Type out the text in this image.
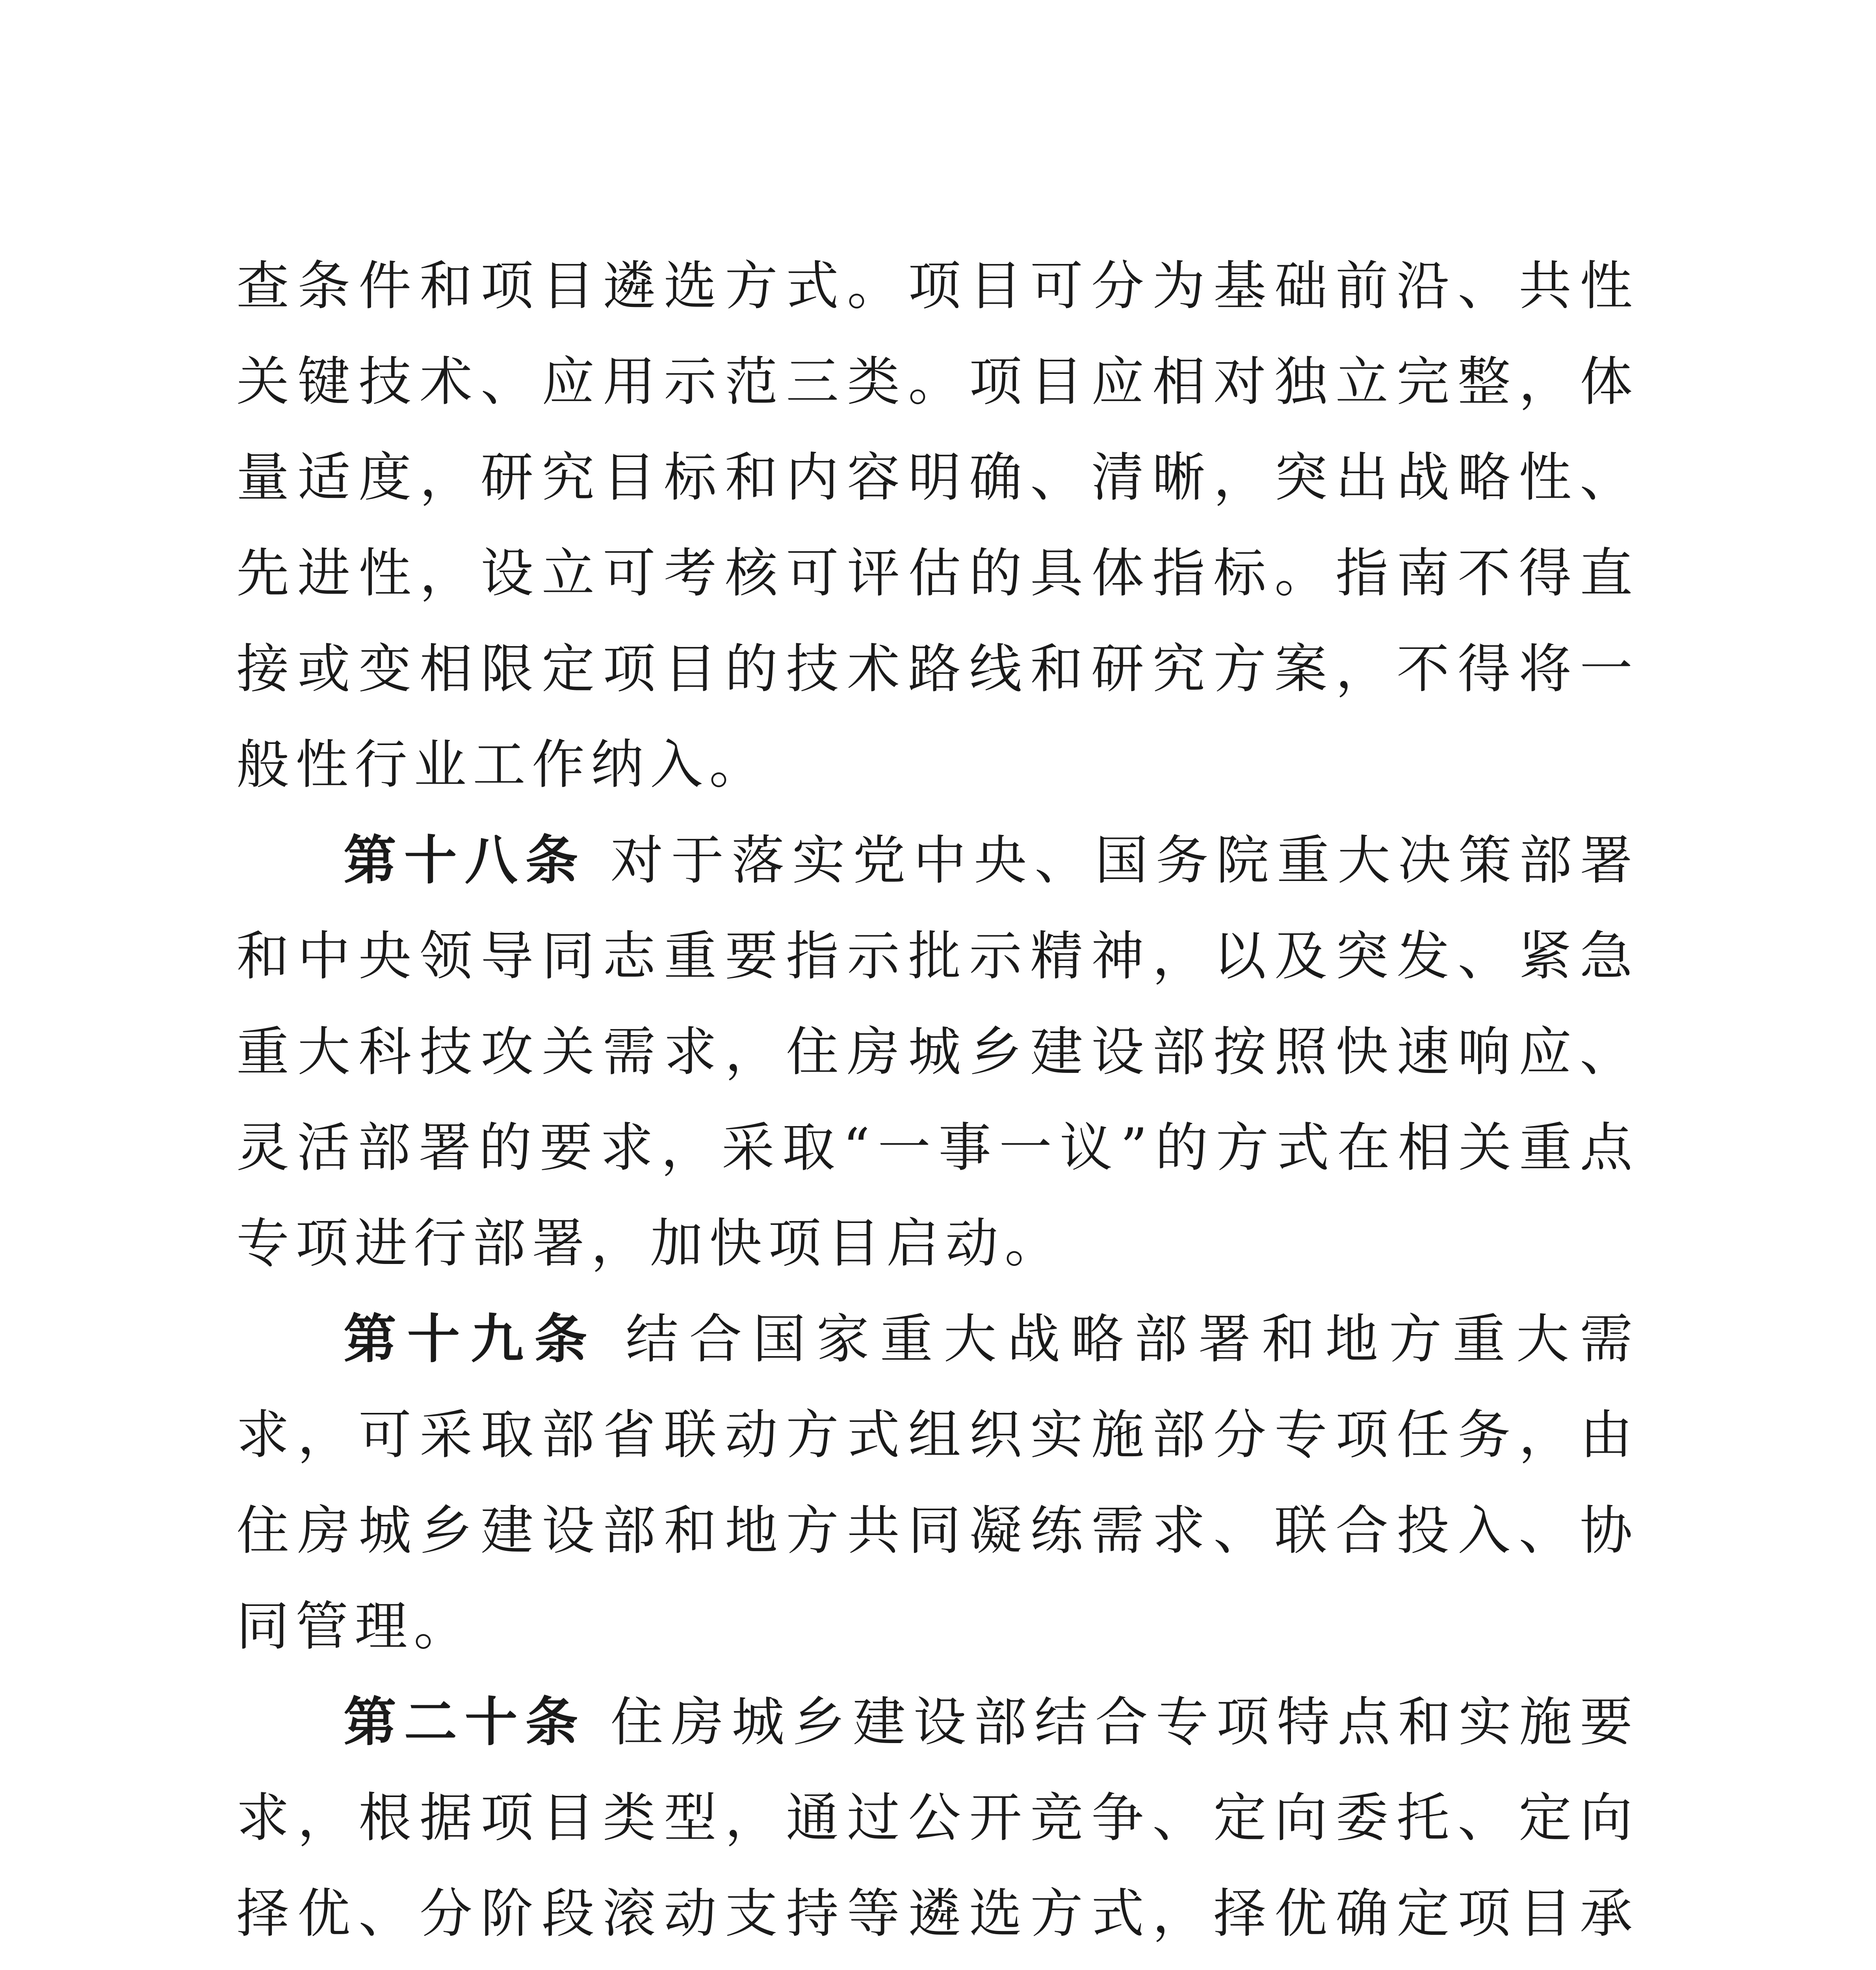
查条件和项目遴选方式。项目可分为基础前沿、共性关键技术、应用示范三类。项目应相对独立完整，体量适度，研究目标和内容明确、清晰，突出战略性、先进性，设立可考核可评估的具体指标。指南不得直接或变相限定项目的技术路线和研究方案，不得将一般性行业工作纳入。

第十八条 对于落实党中央、国务院重大决策部署和中央领导同志重要指示批示精神，以及突发、紧急重大科技攻关需求，住房城乡建设部按照快速响应、灵活部署的要求，采取“一事一议”的方式在相关重点专项进行部署，加快项目启动。

第十九条 结合国家重大战略部署和地方重大需求，可采取部省联动方式组织实施部分专项任务，由住房城乡建设部和地方共同凝练需求、联合投入、协同管理。

第二十条 住房城乡建设部结合专项特点和实施要求，根据项目类型，通过公开竞争、定向委托、定向择优、分阶段滚动支持等遴选方式，择优确定项目承
